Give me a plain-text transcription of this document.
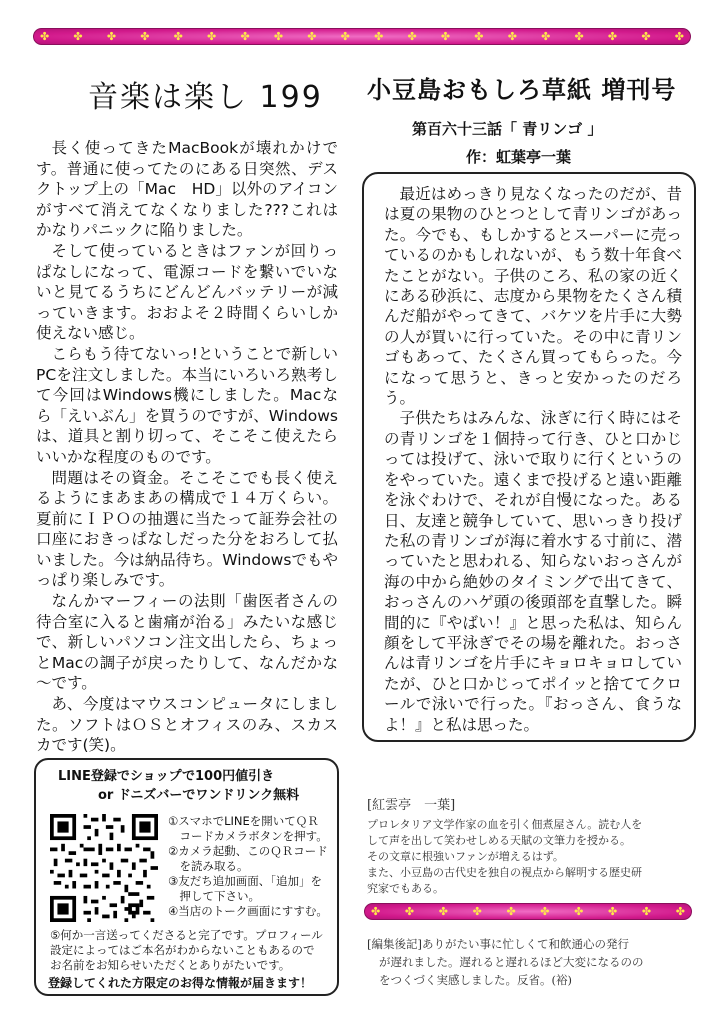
✤ ✤ ✤ ✤ ✤ ✤ ✤ ✤ ✤ ✤ ✤ ✤ ✤ ✤ ✤ ✤ ✤ ✤ ✤ ✤
音楽は楽し 199

長く使ってきたMacBookが壊れかけです。普通に使ってたのにある日突然、デスクトップ上の「Mac　HD」以外のアイコンがすべて消えてなくなりました???これはかなりパニックに陥りました。

そして使っているときはファンが回りっぱなしになって、電源コードを繋いでいないと見てるうちにどんどんバッテリーが減っていきます。おおよそ２時間くらいしか使えない感じ。

こらもう待てないっ!ということで新しいPCを注文しました。本当にいろいろ熟考して今回はWindows機にしました。Macなら「えいぶん」を買うのですが、Windowsは、道具と割り切って、そこそこ使えたらいいかな程度のものです。

問題はその資金。そこそこでも長く使えるようにまあまあの構成で１４万くらい。夏前にＩＰＯの抽選に当たって証券会社の口座におきっぱなしだった分をおろして払いました。今は納品待ち。Windowsでもやっぱり楽しみです。

なんかマーフィーの法則「歯医者さんの待合室に入ると歯痛が治る」みたいな感じで、新しいパソコン注文出したら、ちょっとMacの調子が戻ったりして、なんだかな～です。

あ、今度はマウスコンピュータにしました。ソフトはＯＳとオフィスのみ、スカスカです(笑)。

LINE登録でショップで100円値引き
or ドニズバーでワンドリンク無料
①スマホでLINEを開いてＱＲ
　コードカメラボタンを押す。
②カメラ起動、このＱＲコード
　を読み取る。
③友だち追加画面、「追加」を
　押して下さい。
④当店のトーク画面にすすむ。
⑤何か一言送ってくださると完了です。プロフィール
設定によってはご本名がわからないこともあるので
お名前をお知らせいただくとありがたいです。
登録してくれた方限定のお得な情報が届きます！
小豆島おもしろ草紙 増刊号
第百六十三話「 青リンゴ 」
作：虹葉亭一葉

最近はめっきり見なくなったのだが、昔は夏の果物のひとつとして青リンゴがあった。今でも、もしかするとスーパーに売っているのかもしれないが、もう数十年食べたことがない。子供のころ、私の家の近くにある砂浜に、志度から果物をたくさん積んだ船がやってきて、バケツを片手に大勢の人が買いに行っていた。その中に青リンゴもあって、たくさん買ってもらった。今になって思うと、きっと安かったのだろう。

子供たちはみんな、泳ぎに行く時にはその青リンゴを１個持って行き、ひと口かじっては投げて、泳いで取りに行くというのをやっていた。遠くまで投げると遠い距離を泳ぐわけで、それが自慢になった。ある日、友達と競争していて、思いっきり投げた私の青リンゴが海に着水する寸前に、潜っていたと思われる、知らないおっさんが海の中から絶妙のタイミングで出てきて、おっさんのハゲ頭の後頭部を直撃した。瞬間的に『やばい！』と思った私は、知らん顔をして平泳ぎでその場を離れた。おっさんは青リンゴを片手にキョロキョロしていたが、ひと口かじってポイッと捨ててクロールで泳いで行った。『おっさん、食うなよ！』と私は思った。

[紅雲亭　一葉]
プロレタリア文学作家の血を引く佃煮屋さん。読む人を
して声を出して笑わせしめる天賦の文筆力を授かる。
その文章に根強いファンが増えるはず。
また、小豆島の古代史を独自の視点から解明する歴史研
究家でもある。
✤ ✤ ✤ ✤ ✤ ✤ ✤ ✤ ✤ ✤
[編集後記]ありがたい事に忙しくて和飲通心の発行
が遅れました。遅れると遅れるほど大変になるのの
をつくづく実感しました。反省。(裕)
